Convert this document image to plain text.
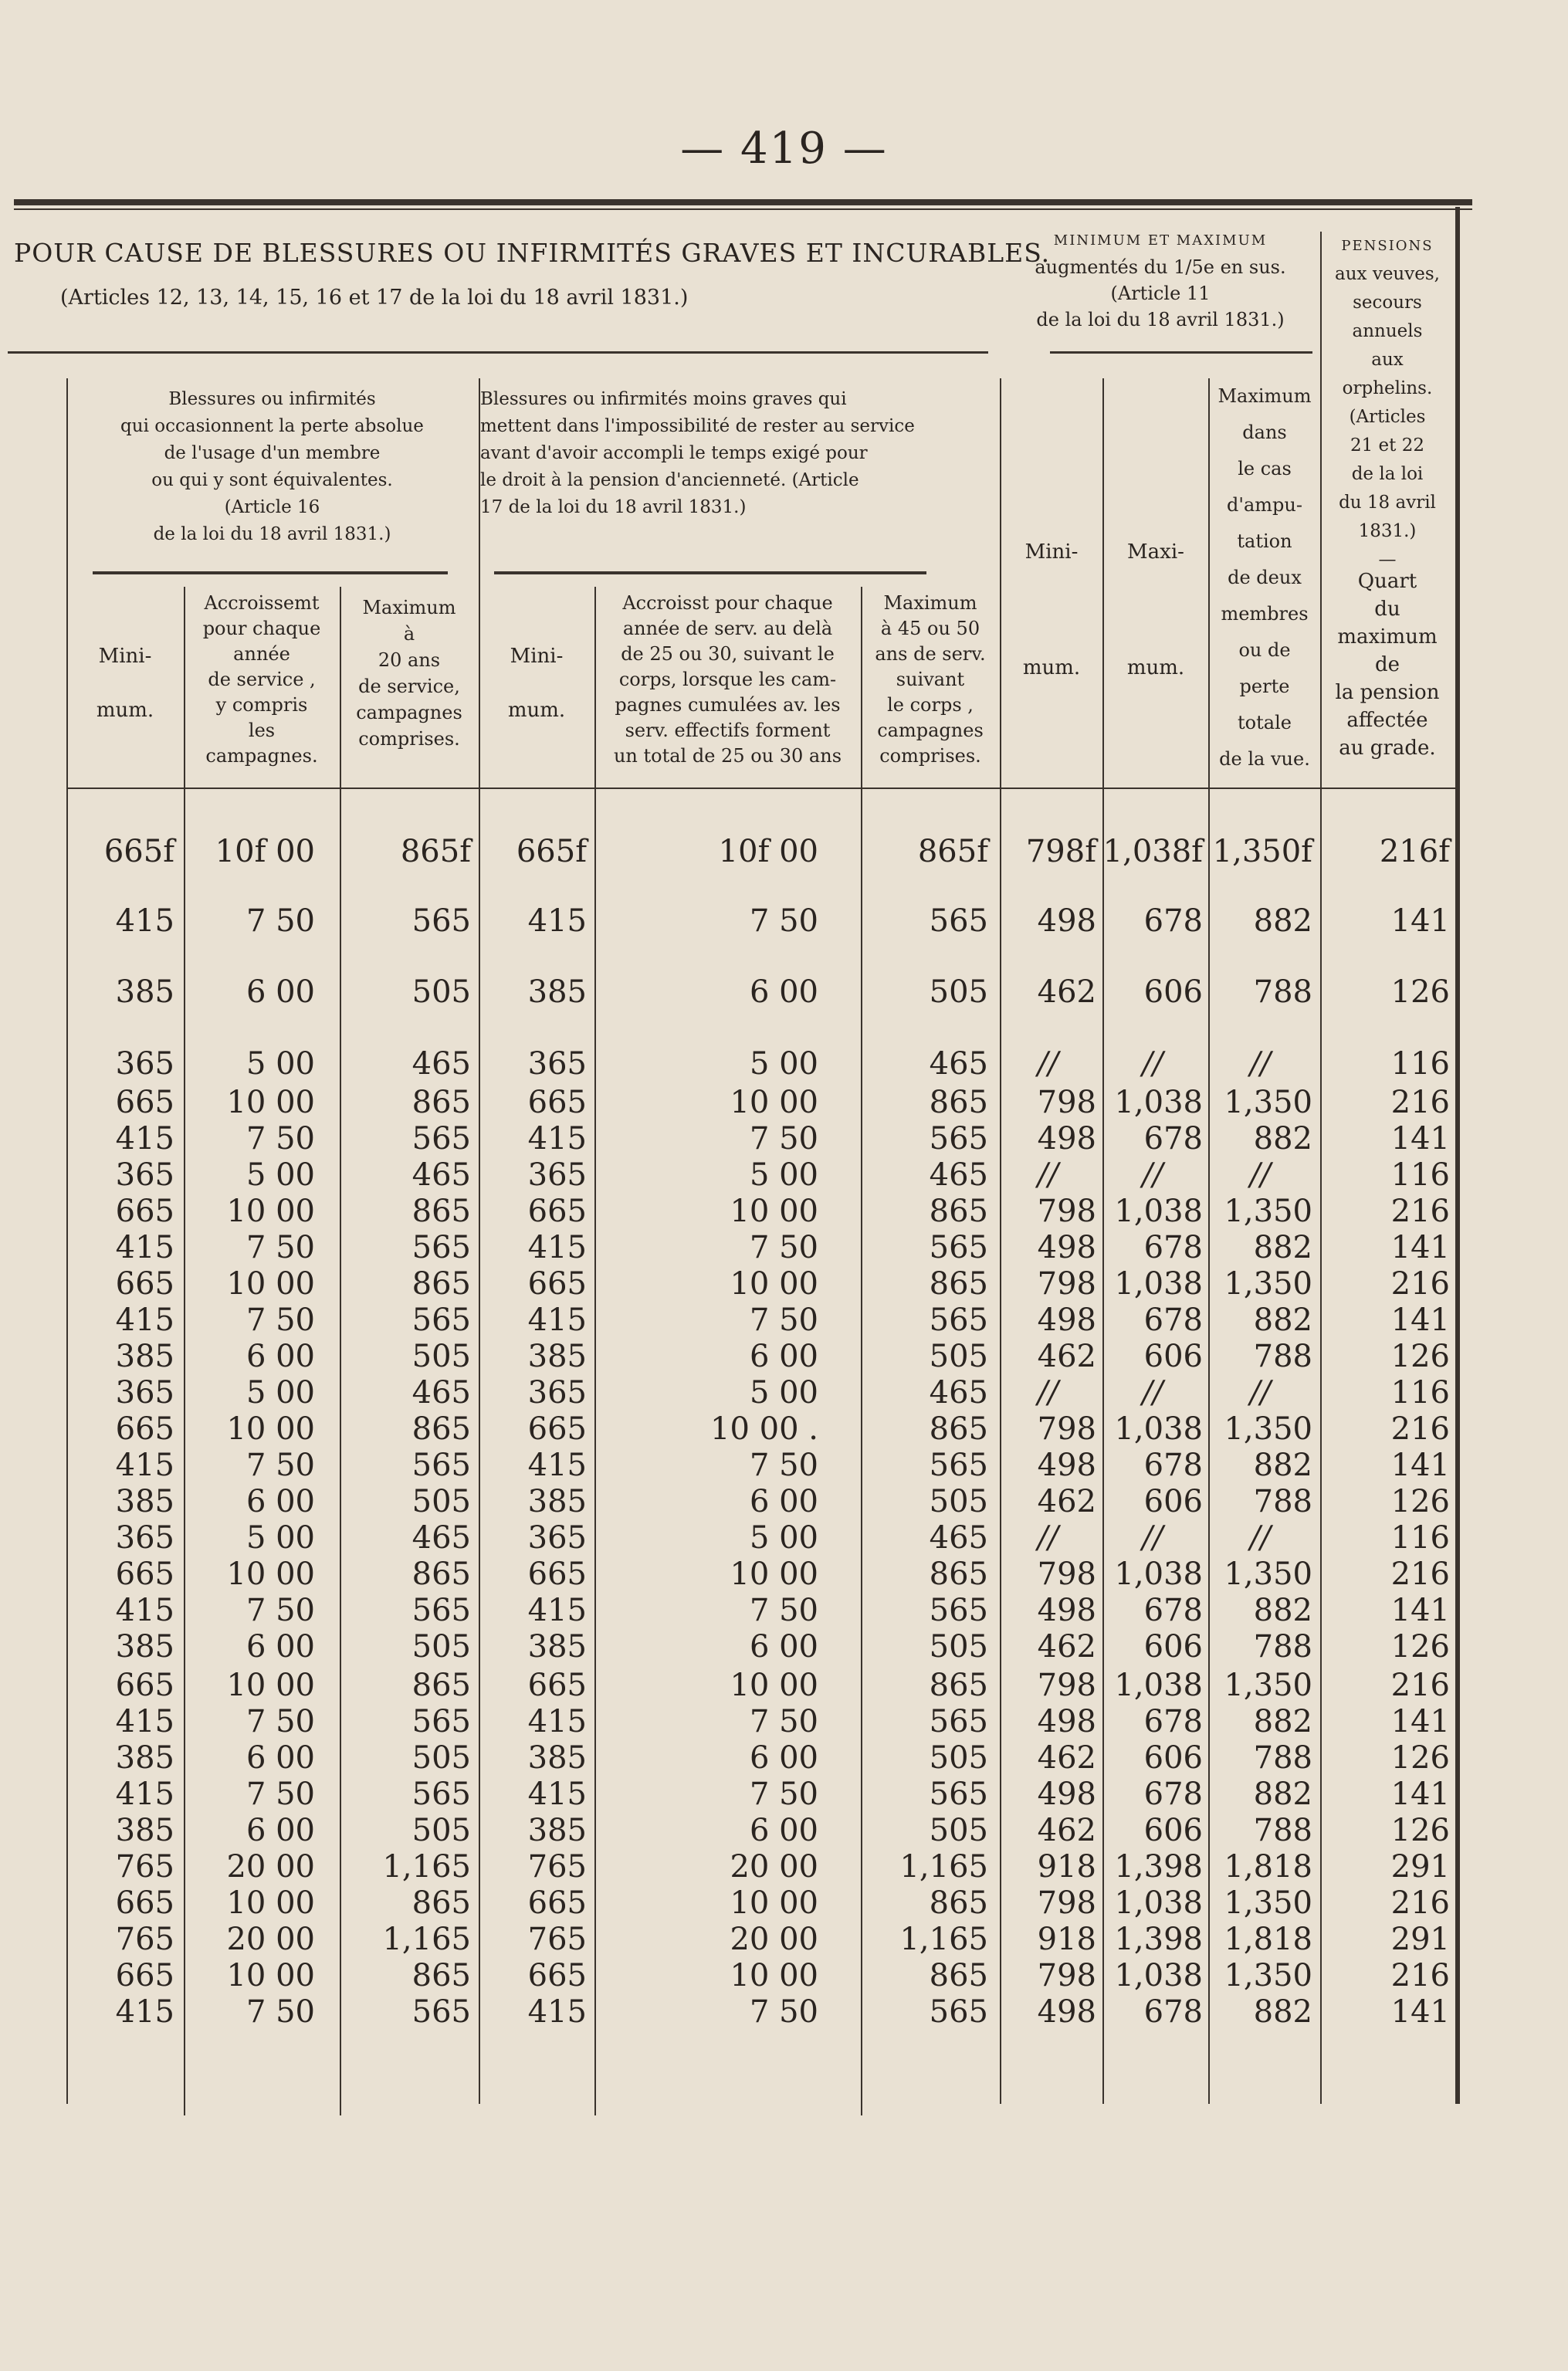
— 419 —
POUR CAUSE DE BLESSURES OU INFIRMITÉS GRAVES ET INCURABLES.
(Articles 12, 13, 14, 15, 16 et 17 de la loi du 18 avril 1831.)
Blessures ou infirmités
qui occasionnent la perte absolue
de l'usage d'un membre
ou qui y sont équivalentes.
(Article 16
de la loi du 18 avril 1831.)
Blessures ou infirmités moins graves qui
mettent dans l'impossibilité de rester au service
avant d'avoir accompli le temps exigé pour
le droit à la pension d'ancienneté. (Article
17 de la loi du 18 avril 1831.)
MINIMUM ET MAXIMUM
augmentés du 1/5e en sus.
(Article 11
de la loi du 18 avril 1831.)
PENSIONS
aux veuves,
secours
annuels
aux
orphelins.
(Articles
21 et 22
de la loi
du 18 avril
1831.)
—
Quart
du
maximum
de
la pension
affectée
au grade.
Mini-
mum.
Accroissemt
pour chaque
année
de service ,
y compris
les
campagnes.
Maximum
à
20 ans
de service,
campagnes
comprises.
Mini-
mum.
Accroisst pour chaque
année de serv. au delà
de 25 ou 30, suivant le
corps, lorsque les cam-
pagnes cumulées av. les
serv. effectifs forment
un total de 25 ou 30 ans
Maximum
à 45 ou 50
ans de serv.
suivant
le corps ,
campagnes
comprises.
Mini-
mum.
Maxi-
mum.
Maximum
dans
le cas
d'ampu-
tation
de deux
membres
ou de
perte
totale
de la vue.
665f	10f 00	865f	665f	10f 00	865f	798f 1,038f 1,350f	216f
415	7 50	565	415	7 50	565	498	678	882	141
385	6 00	505	385	6 00	505	462	606	788	126
365	5 00	465	365	5 00	465	//	//	//	116
665	10 00	865	665	10 00	865	798 1,038 1,350	216
415	7 50	565	415	7 50	565	498	678	882	141
365	5 00	465	365	5 00	465	//	//	//	116
665	10 00	865	665	10 00	865	798 1,038 1,350	216
415	7 50	565	415	7 50	565	498	678	882	141
665	10 00	865	665	10 00	865	798 1,038 1,350	216
415	7 50	565	415	7 50	565	498	678	882	141
385	6 00	505	385	6 00	505	462	606	788	126
365	5 00	465	365	5 00	465	//	//	//	116
665	10 00	865	665	10 00 .	865	798 1,038 1,350	216
415	7 50	565	415	7 50	565	498	678	882	141
385	6 00	505	385	6 00	505	462	606	788	126
365	5 00	465	365	5 00	465	//	//	//	116
665	10 00	865	665	10 00	865	798 1,038 1,350	216
415	7 50	565	415	7 50	565	498	678	882	141
385	6 00	505	385	6 00	505	462	606	788	126
665	10 00	865	665	10 00	865	798 1,038 1,350	216
415	7 50	565	415	7 50	565	498	678	882	141
385	6 00	505	385	6 00	505	462	606	788	126
415	7 50	565	415	7 50	565	498	678	882	141
385	6 00	505	385	6 00	505	462	606	788	126
765	20 00	1,165	765	20 00	1,165	918 1,398 1,818	291
665	10 00	865	665	10 00	865	798 1,038 1,350	216
765	20 00	1,165	765	20 00	1,165	918 1,398 1,818	291
665	10 00	865	665	10 00	865	798 1,038 1,350	216
415	7 50	565	415	7 50	565	498	678	882	141
